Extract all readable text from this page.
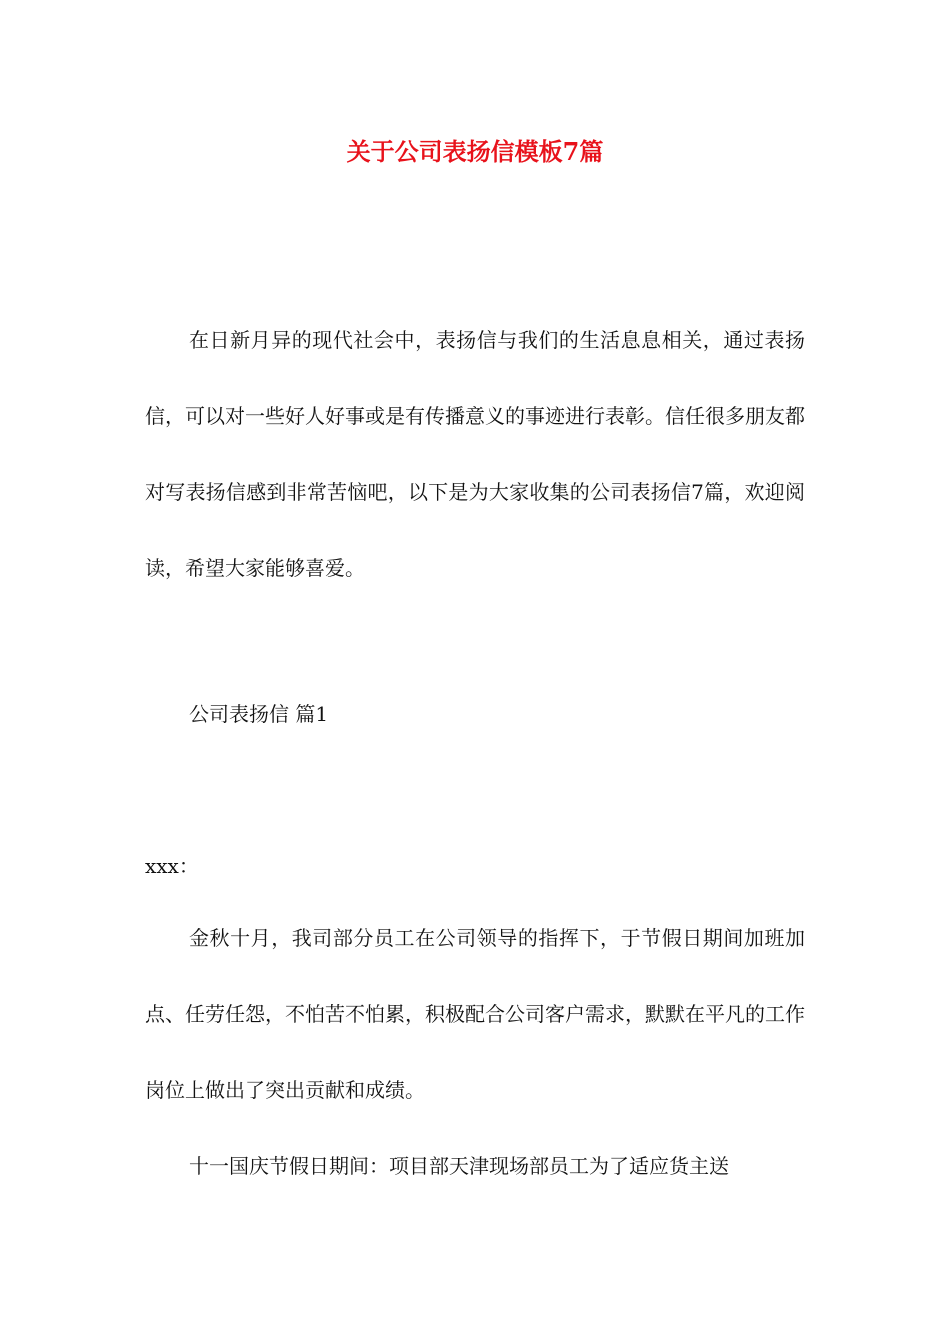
关于公司表扬信模板7篇

在日新月异的现代社会中，表扬信与我们的生活息息相关，通过表扬信，可以对一些好人好事或是有传播意义的事迹进行表彰。信任很多朋友都对写表扬信感到非常苦恼吧，以下是为大家收集的公司表扬信7篇，欢迎阅读，希望大家能够喜爱。

公司表扬信 篇1

xxx：

金秋十月，我司部分员工在公司领导的指挥下，于节假日期间加班加点、任劳任怨，不怕苦不怕累，积极配合公司客户需求，默默在平凡的工作岗位上做出了突出贡献和成绩。

十一国庆节假日期间：项目部天津现场部员工为了适应货主送
